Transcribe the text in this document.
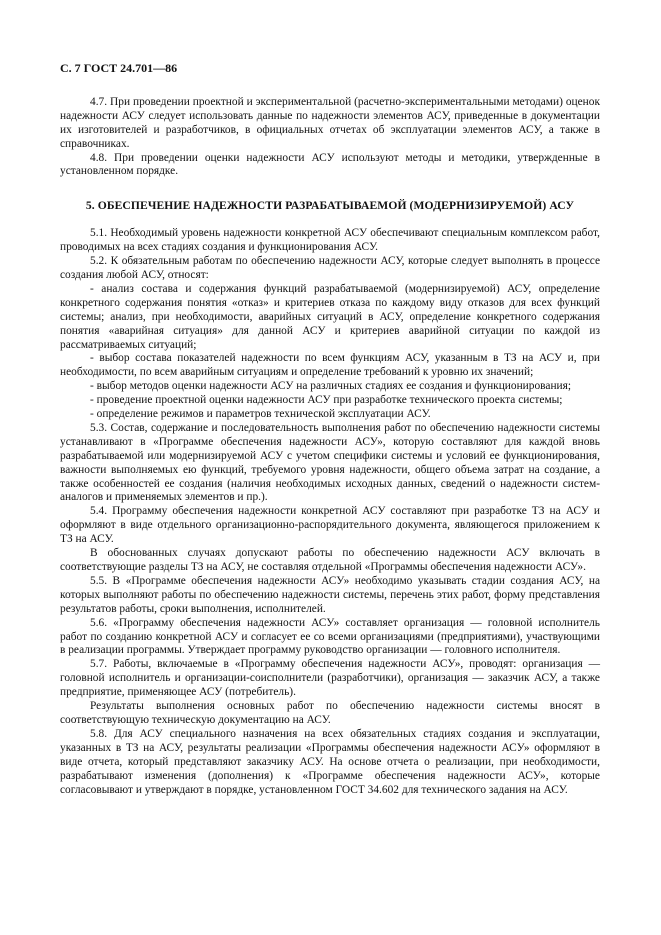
С. 7 ГОСТ 24.701—86

4.7. При проведении проектной и экспериментальной (расчетно-экспериментальными методами) оценок надежности АСУ следует использовать данные по надежности элементов АСУ, приведенные в документации их изготовителей и разработчиков, в официальных отчетах об эксплуатации элементов АСУ, а также в справочниках.

4.8. При проведении оценки надежности АСУ используют методы и методики, утвержденные в установленном порядке.

5. ОБЕСПЕЧЕНИЕ НАДЕЖНОСТИ РАЗРАБАТЫВАЕМОЙ (МОДЕРНИЗИРУЕМОЙ) АСУ

5.1. Необходимый уровень надежности конкретной АСУ обеспечивают специальным комплексом работ, проводимых на всех стадиях создания и функционирования АСУ.

5.2. К обязательным работам по обеспечению надежности АСУ, которые следует выполнять в процессе создания любой АСУ, относят:

- анализ состава и содержания функций разрабатываемой (модернизируемой) АСУ, определение конкретного содержания понятия «отказ» и критериев отказа по каждому виду отказов для всех функций системы; анализ, при необходимости, аварийных ситуаций в АСУ, определение конкретного содержания понятия «аварийная ситуация» для данной АСУ и критериев аварийной ситуации по каждой из рассматриваемых ситуаций;

- выбор состава показателей надежности по всем функциям АСУ, указанным в ТЗ на АСУ и, при необходимости, по всем аварийным ситуациям и определение требований к уровню их значений;

- выбор методов оценки надежности АСУ на различных стадиях ее создания и функционирования;

- проведение проектной оценки надежности АСУ при разработке технического проекта системы;

- определение режимов и параметров технической эксплуатации АСУ.

5.3. Состав, содержание и последовательность выполнения работ по обеспечению надежности системы устанавливают в «Программе обеспечения надежности АСУ», которую составляют для каждой вновь разрабатываемой или модернизируемой АСУ с учетом специфики системы и условий ее функционирования, важности выполняемых ею функций, требуемого уровня надежности, общего объема затрат на создание, а также особенностей ее создания (наличия необходимых исходных данных, сведений о надежности систем-аналогов и применяемых элементов и пр.).

5.4. Программу обеспечения надежности конкретной АСУ составляют при разработке ТЗ на АСУ и оформляют в виде отдельного организационно-распорядительного документа, являющегося приложением к ТЗ на АСУ.

В обоснованных случаях допускают работы по обеспечению надежности АСУ включать в соответствующие разделы ТЗ на АСУ, не составляя отдельной «Программы обеспечения надежности АСУ».

5.5. В «Программе обеспечения надежности АСУ» необходимо указывать стадии создания АСУ, на которых выполняют работы по обеспечению надежности системы, перечень этих работ, форму представления результатов работы, сроки выполнения, исполнителей.

5.6. «Программу обеспечения надежности АСУ» составляет организация — головной исполнитель работ по созданию конкретной АСУ и согласует ее со всеми организациями (предприятиями), участвующими в реализации программы. Утверждает программу руководство организации — головного исполнителя.

5.7. Работы, включаемые в «Программу обеспечения надежности АСУ», проводят: организация — головной исполнитель и организации-соисполнители (разработчики), организация — заказчик АСУ, а также предприятие, применяющее АСУ (потребитель).

Результаты выполнения основных работ по обеспечению надежности системы вносят в соответствующую техническую документацию на АСУ.

5.8. Для АСУ специального назначения на всех обязательных стадиях создания и эксплуатации, указанных в ТЗ на АСУ, результаты реализации «Программы обеспечения надежности АСУ» оформляют в виде отчета, который представляют заказчику АСУ. На основе отчета о реализации, при необходимости, разрабатывают изменения (дополнения) к «Программе обеспечения надежности АСУ», которые согласовывают и утверждают в порядке, установленном ГОСТ 34.602 для технического задания на АСУ.
